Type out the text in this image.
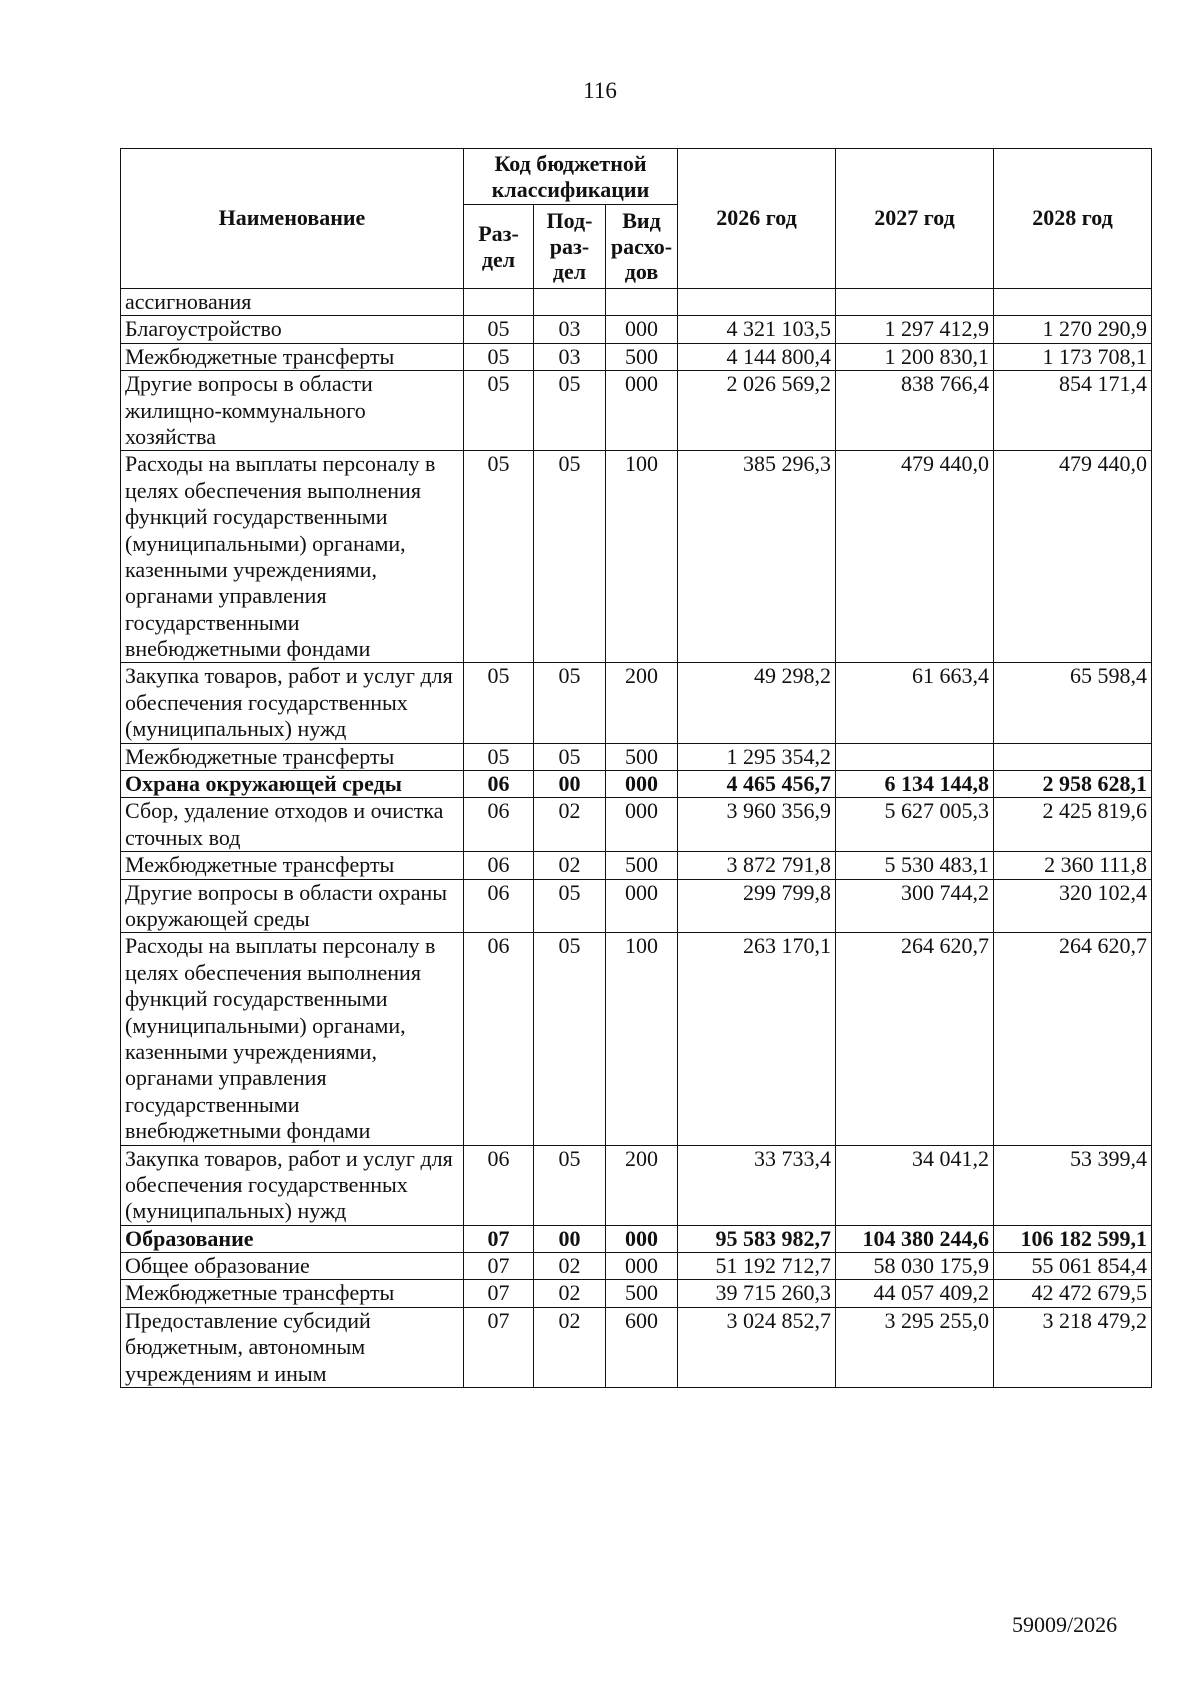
116
Наименование	Код бюджетной классификации			2026 год	2027 год	2028 год
	Раз-дел	Под-раз-дел	Вид расхо-дов			
ассигнования						
Благоустройство	05	03	000	4 321 103,5	1 297 412,9	1 270 290,9
Межбюджетные трансферты	05	03	500	4 144 800,4	1 200 830,1	1 173 708,1
Другие вопросы в области жилищно-коммунального хозяйства	05	05	000	2 026 569,2	838 766,4	854 171,4
Расходы на выплаты персоналу в целях обеспечения выполнения функций государственными (муниципальными) органами, казенными учреждениями, органами управления государственными внебюджетными фондами	05	05	100	385 296,3	479 440,0	479 440,0
Закупка товаров, работ и услуг для обеспечения государственных (муниципальных) нужд	05	05	200	49 298,2	61 663,4	65 598,4
Межбюджетные трансферты	05	05	500	1 295 354,2		
Охрана окружающей среды	06	00	000	4 465 456,7	6 134 144,8	2 958 628,1
Сбор, удаление отходов и очистка сточных вод	06	02	000	3 960 356,9	5 627 005,3	2 425 819,6
Межбюджетные трансферты	06	02	500	3 872 791,8	5 530 483,1	2 360 111,8
Другие вопросы в области охраны окружающей среды	06	05	000	299 799,8	300 744,2	320 102,4
Расходы на выплаты персоналу в целях обеспечения выполнения функций государственными (муниципальными) органами, казенными учреждениями, органами управления государственными внебюджетными фондами	06	05	100	263 170,1	264 620,7	264 620,7
Закупка товаров, работ и услуг для обеспечения государственных (муниципальных) нужд	06	05	200	33 733,4	34 041,2	53 399,4
Образование	07	00	000	95 583 982,7	104 380 244,6	106 182 599,1
Общее образование	07	02	000	51 192 712,7	58 030 175,9	55 061 854,4
Межбюджетные трансферты	07	02	500	39 715 260,3	44 057 409,2	42 472 679,5
Предоставление субсидий бюджетным, автономным учреждениям и иным	07	02	600	3 024 852,7	3 295 255,0	3 218 479,2
59009/2026
